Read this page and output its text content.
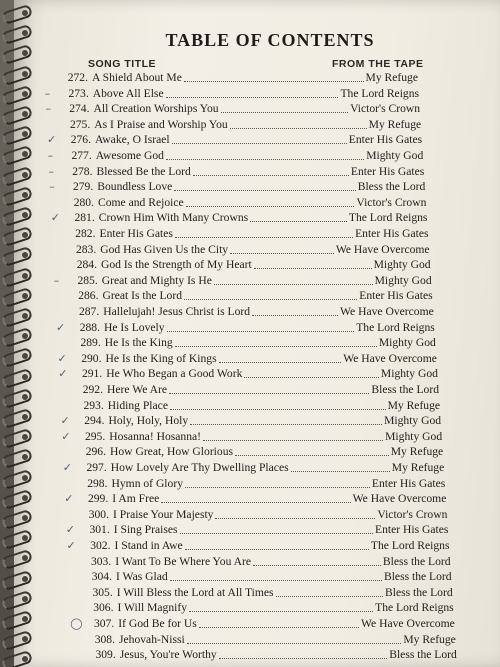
TABLE OF CONTENTS
SONG TITLE	FROM THE TAPE
272. A Shield About Me	My Refuge
273. Above All Else	The Lord Reigns
–
274. All Creation Worships You	Victor's Crown
–
275. As I Praise and Worship You	My Refuge
276. Awake, O Israel	Enter His Gates
✓
277. Awesome God	Mighty God
–
278. Blessed Be the Lord	Enter His Gates
–
279. Boundless Love	Bless the Lord
–
280. Come and Rejoice	Victor's Crown
281. Crown Him With Many Crowns	The Lord Reigns
✓
282. Enter His Gates	Enter His Gates
283. God Has Given Us the City	We Have Overcome
284. God Is the Strength of My Heart	Mighty God
285. Great and Mighty Is He	Mighty God
–
286. Great Is the Lord	Enter His Gates
287. Hallelujah! Jesus Christ is Lord	We Have Overcome
288. He Is Lovely	The Lord Reigns
✓
289. He Is the King	Mighty God
290. He Is the King of Kings	We Have Overcome
✓
291. He Who Began a Good Work	Mighty God
✓
292. Here We Are	Bless the Lord
293. Hiding Place	My Refuge
294. Holy, Holy, Holy	Mighty God
✓
295. Hosanna! Hosanna!	Mighty God
✓
296. How Great, How Glorious	My Refuge
297. How Lovely Are Thy Dwelling Places	My Refuge
✓
298. Hymn of Glory	Enter His Gates
299. I Am Free	We Have Overcome
✓
300. I Praise Your Majesty	Victor's Crown
301. I Sing Praises	Enter His Gates
✓
302. I Stand in Awe	The Lord Reigns
✓
303. I Want To Be Where You Are	Bless the Lord
304. I Was Glad	Bless the Lord
305. I Will Bless the Lord at All Times	Bless the Lord
306. I Will Magnify	The Lord Reigns
307. If God Be for Us	We Have Overcome
◯
308. Jehovah-Nissi	My Refuge
309. Jesus, You're Worthy	Bless the Lord
